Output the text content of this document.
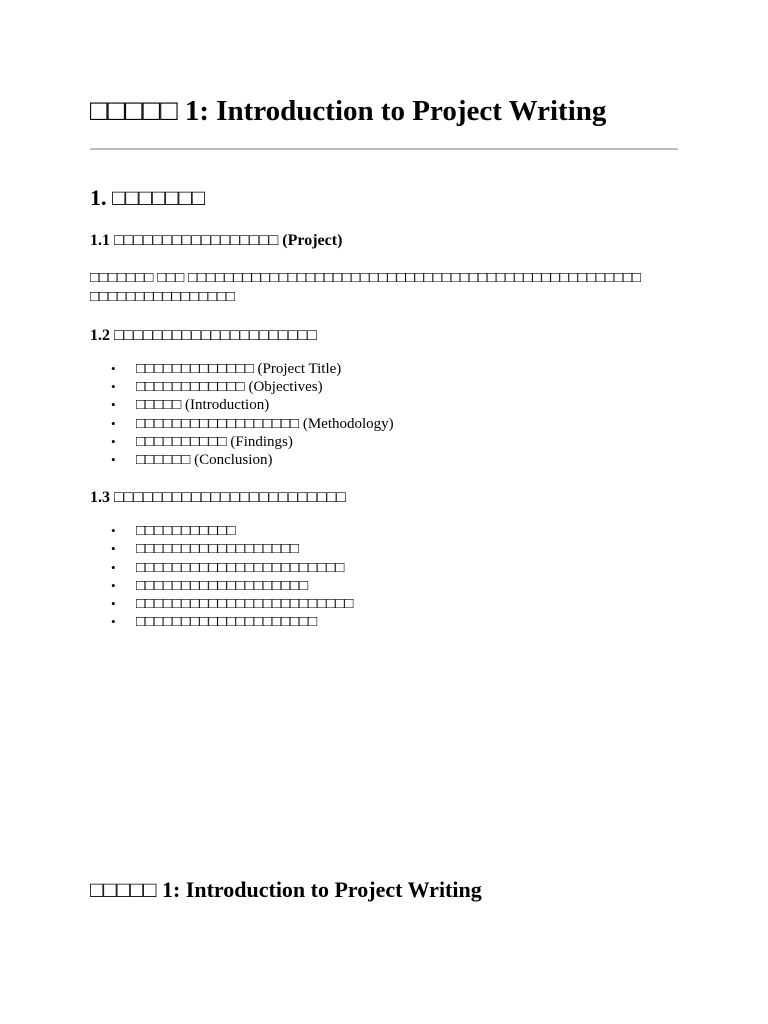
□□□□□ 1: Introduction to Project Writing
1. □□□□□□□
1.1 □□□□□□□□□□□□□□□□□ (Project)

□□□□□□□ □□□ □□□□□□□□□□□□□□□□□□□□□□□□□□□□□□□□□□□□□□□□□□□□□□□□□□ □□□□□□□□□□□□□□□□

1.2 □□□□□□□□□□□□□□□□□□□□□
• □□□□□□□□□□□□□ (Project Title)
• □□□□□□□□□□□□ (Objectives)
• □□□□□ (Introduction)
• □□□□□□□□□□□□□□□□□□ (Methodology)
• □□□□□□□□□□ (Findings)
• □□□□□□ (Conclusion)
1.3 □□□□□□□□□□□□□□□□□□□□□□□□
• □□□□□□□□□□□
• □□□□□□□□□□□□□□□□□□
• □□□□□□□□□□□□□□□□□□□□□□□
• □□□□□□□□□□□□□□□□□□□
• □□□□□□□□□□□□□□□□□□□□□□□□
• □□□□□□□□□□□□□□□□□□□□
□□□□□ 1: Introduction to Project Writing
